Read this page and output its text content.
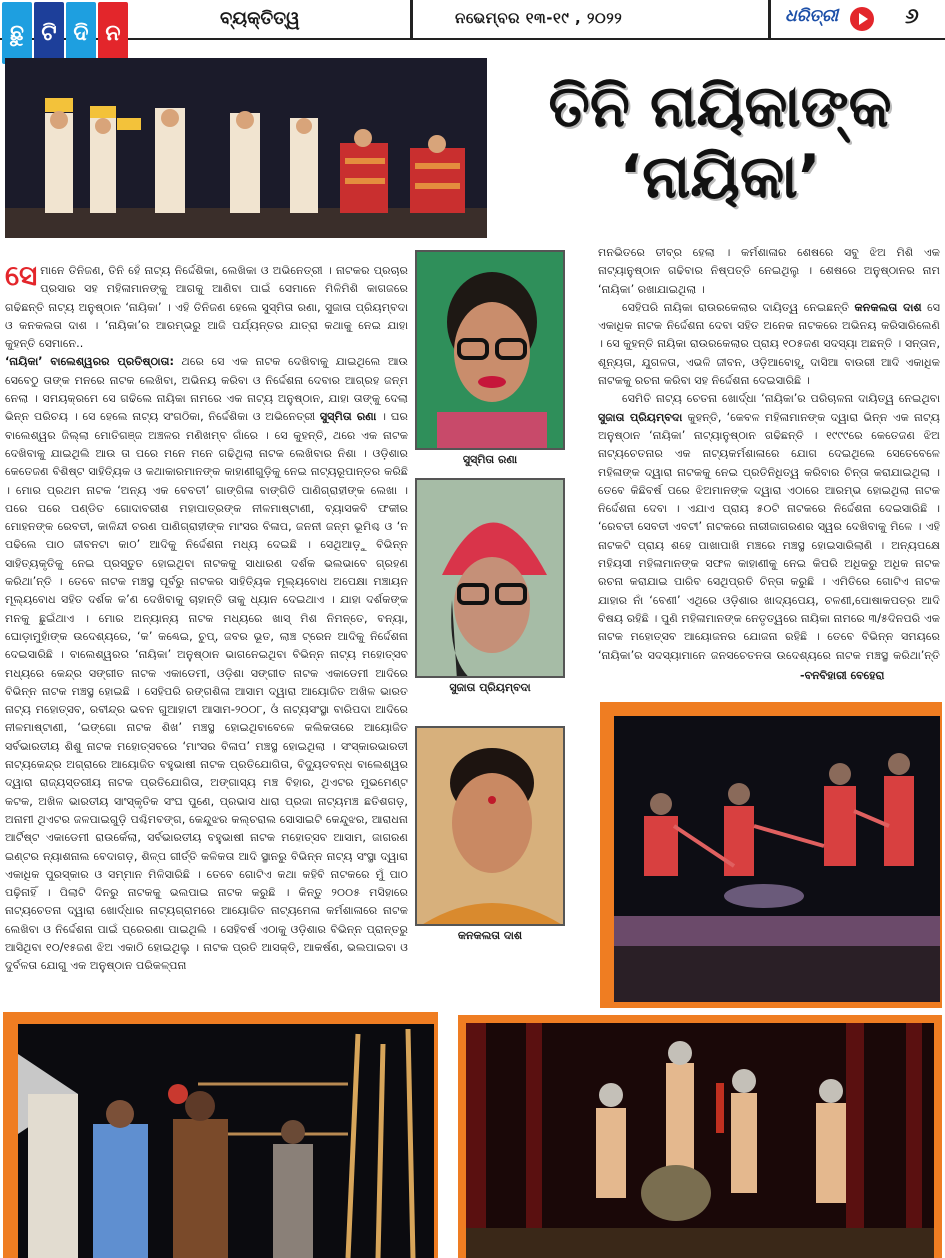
ଛୁ ଟି ଦି ନ
ବ୍ୟକ୍ତିତ୍ୱ	ନଭେମ୍ବର ୧୩-୧୯ , ୨୦୨୨	ଧରିତ୍ରୀ	୬
ତିନି ନାୟିକାଙ୍କ
‘ନାୟିକା’

ସେମାନେ ତିନିଜଣ, ତିନି ହେଁ ନାଟ୍ୟ ନିର୍ଦ୍ଦେଶିକା, ଲେଖିକା ଓ ଅଭିନେତ୍ରୀ । ନାଟକର ପ୍ରଚାର ପ୍ରସାର ସହ ମହିଳାମାନଙ୍କୁ ଆଗକୁ ଆଣିବା ପାଇଁ ସେମାନେ ମିଳିମିଶି କାଗଜରେ ଗଢିଛନ୍ତି ନାଟ୍ୟ ଅନୁଷ୍ଠାନ ‘ନାୟିକା’ । ଏହି ତିନିଜଣ ହେଲେ ସୁସ୍ମିତା ରଣା, ସୁଜାତା ପ୍ରିୟମ୍ବଦା ଓ କନକଲତା ଦାଶ । ‘ନାୟିକା’ର ଆରମ୍ଭରୁ ଆଜି ପର୍ଯ୍ୟନ୍ତର ଯାତ୍ରା କଥାକୁ ନେଇ ଯାହା କୁହନ୍ତି ସେମାନେ..

‘ନାୟିକା’ ବାଲେଶ୍ୱରର ପ୍ରତିଷ୍ଠାତା: ଥରେ ସେ ଏକ ନାଟକ ଦେଖିବାକୁ ଯାଇଥିଲେ ଆଉ ସେବେଠୁ ତାଙ୍କ ମନରେ ନାଟକ ଲେଖିବା, ଅଭିନୟ କରିବା ଓ ନିର୍ଦ୍ଦେଶନା ଦେବାର ଆଗ୍ରହ ଜନ୍ମ ନେଲା । ସମୟକ୍ରମେ ସେ ଗଢିଲେ ନାୟିକା ନାମରେ ଏକ ନାଟ୍ୟ ଅନୁଷ୍ଠାନ, ଯାହା ତାଙ୍କୁ ଦେଲା ଭିନ୍ନ ପରିଚୟ । ସେ ହେଲେ ନାଟ୍ୟ ସଂଗଠିକା, ନିର୍ଦ୍ଦେଶିକା ଓ ଅଭିନେତ୍ରୀ ସୁସ୍ମିତା ରଣା । ଘର ବାଲେଶ୍ୱର ଜିଲ୍ଲା ମୋତିଗଞ୍ଜ ଅଞ୍ଚଳର ମଣିଖମ୍ବ ଗାଁରେ । ସେ କୁହନ୍ତି, ଥରେ ଏକ ନାଟକ ଦେଖିବାକୁ ଯାଇଥିଲି ଆଉ ତା ପରେ ମନେ ମନେ ଗଢିଥିଲା ନାଟକ ଲେଖିବାର ନିଶା । ଓଡ଼ିଶାର କେତେଜଣ ବିଶିଷ୍ଟ ସାହିତ୍ୟିକ ଓ କଥାକାରମାନଙ୍କ କାହାଣୀଗୁଡ଼ିକୁ ନେଇ ନାଟ୍ୟରୂପାନ୍ତର କରିଛି । ମୋର ପ୍ରଥମ ନାଟକ ‘ଅନ୍ୟ ଏକ ବେବତୀ’ ଗାଙ୍ଗିଳା ବାଙ୍ଗିତି ପାଣିଗ୍ରାହୀଙ୍କ ଲେଖା । ପରେ ପରେ ପଣ୍ଡିତ ଗୋଦାବରୀଶ ମହାପାତ୍ରଙ୍କ ନୀଳମାଷ୍ଟାଣୀ, ବ୍ୟାସକବି ଫକୀର ମୋହନଙ୍କ ରେବତୀ, କାଳିନ୍ଦୀ ଚରଣ ପାଣିଗ୍ରାହୀଙ୍କ ମାଂସର ବିଳାପ, ଜନନୀ ଜନ୍ମ ଭୂମିଶ୍ଚ ଓ ‘ନ ପଢିଲେ ପାଠ ଜୀବନଟା କାଠ’ ଆଦିକୁ ନିର୍ଦ୍ଦେଶନା ମଧ୍ୟ ଦେଇଛି । ସେଥିଆଡ଼ୁ ବିଭିନ୍ନ ସାହିତ୍ୟକୃତିକୁ ନେଇ ପ୍ରସ୍ତୁତ ହୋଇଥିବା ନାଟକକୁ ସାଧାରଣ ଦର୍ଶକ ଭଲଭାବେ ଗ୍ରହଣ କରିଥା’ନ୍ତି । ତେବେ ନାଟକ ମଞ୍ଚସ୍ଥ ପୂର୍ବରୁ ନାଟକର ସାହିତ୍ୟିକ ମୂଲ୍ୟବୋଧ ଅପେକ୍ଷା ମଞ୍ଚାୟନ ମୂଲ୍ୟବୋଧ ସହିତ ଦର୍ଶକ କ’ଣ ଦେଖିବାକୁ ଚାହାନ୍ତି ତାକୁ ଧ୍ୟାନ ଦେଇଥାଏ । ଯାହା ଦର୍ଶକଙ୍କ ମନକୁ ଛୁଇଁଥାଏ । ମୋର ଅନ୍ୟାନ୍ୟ ନାଟକ ମଧ୍ୟରେ ଖାସ୍ ମିଶ ନିମନ୍ତେ, ବନ୍ୟା, ଘୋଡ଼ାମୁହାଁଙ୍କ ଉଦେଶ୍ୟରେ, ‘କ’ କଣ୍ଢେଇ, ଚୁପ୍, ଜବର ଭୂତ, ଲାଞ୍ଚ ଟ୍ରେନ ଆଦିକୁ ନିର୍ଦ୍ଦେଶନା ଦେଇସାରିଛି । ବାଲେଶ୍ୱରର ‘ନାୟିକା’ ଅନୁଷ୍ଠାନ ଭାଗନେଇଥିବା ବିଭିନ୍ନ ନାଟ୍ୟ ମହୋତ୍ସବ ମଧ୍ୟରେ କେନ୍ଦ୍ର ସଙ୍ଗୀତ ନାଟକ ଏକାଡେମୀ, ଓଡ଼ିଶା ସଙ୍ଗୀତ ନାଟକ ଏକାଡେମୀ ଆଦିରେ ବିଭିନ୍ନ ନାଟକ ମଞ୍ଚସ୍ଥ ହୋଇଛି । ସେହିପରି ରଙ୍ଗଶିଳା ଆସାମ ଦ୍ୱାରା ଆୟୋଜିତ ଅଖିଳ ଭାରତ ନାଟ୍ୟ ମହୋତ୍ସବ, ରବୀନ୍ଦ୍ର ଭବନ ଗୁଆହାଟୀ ଆସାମ-୨୦୦୮, ଓଁ ନାଟ୍ୟସଂସ୍ଥା ବାରିପଦା ଆଦିରେ ନୀଳମାଷ୍ଟାଣୀ, ‘ଇଙ୍ଗୋ ନାଟକ ଶିଖ’ ମଞ୍ଚସ୍ଥ ହୋଇଥିବାବେଳେ କଲିକତାରେ ଆୟୋଜିତ ସର୍ବଭାରତୀୟ ଶିଶୁ ନାଟକ ମହୋତ୍ସବରେ ‘ମାଂସର ବିଳାପ’ ମଞ୍ଚସ୍ଥ ହୋଇଥିଲା । ସଂସ୍କାରଭାରତୀ ନାଟ୍ୟକେନ୍ଦ୍ର ଅଗ୍ରାରେ ଆୟୋଜିତ ବହୁଭାଷୀ ନାଟକ ପ୍ରତିଯୋଗିତା, ବିଦ୍ୟୁତବନ୍ଧ ବାଲେଶ୍ୱର ଦ୍ୱାରା ରାଜ୍ୟସ୍ତରୀୟ ନାଟକ ପ୍ରତିଯୋଗିତା, ଅଙ୍ଗାସ୍ୟ ମଞ୍ଚ ବିହାର, ଥିଏଟର ମୁଭମେଣ୍ଟ କଟକ, ଅଖିଳ ଭାରତୀୟ ସାଂସ୍କୃତିକ ସଂଘ ପୁଣେ, ପ୍ରଭାସ ଧାରା ପ୍ରଜା ନାଟ୍ୟମଞ୍ଚ ଛତିଶଗଡ଼, ଅନାମୀ ଥିଏଟର ଜଳପାଇଗୁଡ଼ି ପଶ୍ଚିମବଙ୍ଗ, କେନ୍ଦୁଝର କଲ୍ଚରାଲ ସୋସାଇଟି କେନ୍ଦୁଝର, ଆରାଧନା ଆର୍ଟିଷ୍ଟ ଏକାଡେମୀ ରାଉର୍କେଲା, ସର୍ବଭାରତୀୟ ବହୁଭାଷୀ ନାଟକ ମହୋତ୍ସବ ଆସାମ, ଜାଗରଣ ଇଣ୍ଟର ନ୍ୟାଶନାଲ ବେଦାଗଡ଼, ଶିଳ୍ପ ଗୀର୍ତ୍ତି କଳିକତା ଆଦି ସ୍ଥାନରୁ ବିଭିନ୍ନ ନାଟ୍ୟ ସଂସ୍ଥା ଦ୍ୱାରା ଏକାଧିକ ପୁରସ୍କାର ଓ ସମ୍ମାନ ମିଳିସାରିଛି । ତେବେ ଗୋଟିଏ କଥା କହିବି ନାଟକରେ ମୁଁ ପାଠ ପଢ଼ିନାହିଁ । ପିଲାଟି ଦିନରୁ ନାଟକକୁ ଭଲପାଇ ନାଟକ କରୁଛି । କିନ୍ତୁ ୨୦୦୫ ମସିହାରେ ନାଟ୍ୟଚେତନା ଦ୍ୱାରା ଖୋର୍ଦ୍ଧାର ନାଟ୍ୟଗ୍ରାମରେ ଆୟୋଜିତ ନାଟ୍ୟମେଳା କର୍ମଶାଳାରେ ନାଟକ ଲେଖିବା ଓ ନିର୍ଦ୍ଦେଶନା ପାଇଁ ପ୍ରେରଣା ପାଇଥିଲି । ସେହିବର୍ଷ ଏଠାକୁ ଓଡ଼ିଶାର ବିଭିନ୍ନ ପ୍ରାନ୍ତରୁ ଆସିଥିବା ୧୦/୧୫ଜଣ ଝିଅ ଏକାଠି ହୋଇଥିଲୁ । ନାଟକ ପ୍ରତି ଆସକ୍ତି, ଆକର୍ଷଣ, ଭଲପାଇବା ଓ ଦୁର୍ବଳତା ଯୋଗୁ ଏକ ଅନୁଷ୍ଠାନ ପରିକଳ୍ପନା

ସୁସ୍ମିତା ରଣା
ସୁଜାତା ପ୍ରିୟମ୍ବଦା
କନକଲତା ଦାଶ

ମନଭିତରେ ତୀବ୍ର ହେଲା । କର୍ମଶାଳାର ଶେଷରେ ସବୁ ଝିଅ ମିଶି ଏକ ନାଟ୍ୟାନୁଷ୍ଠାନ ଗଢିବାର ନିଷ୍ପତ୍ତି ନେଇଥିଲୁ । ଶେଷରେ ଅନୁଷ୍ଠାନର ନାମ ‘ନାୟିକା’ ରଖାଯାଇଥିଲା ।

ସେହିପରି ନାୟିକା ରାଉରକେଲାର ଦାୟିତ୍ୱ ନେଇଛନ୍ତି କନକଲତା ଦାଶ ସେ ଏକାଧିକ ନାଟକ ନିର୍ଦ୍ଦେଶନା ଦେବା ସହିତ ଅନେକ ନାଟକରେ ଅଭିନୟ କରିସାରିଲେଣି । ସେ କୁହନ୍ତି ନାୟିକା ରାଉରକେଲାର ପ୍ରାୟ ୧୦୫ଜଣ ସଦସ୍ୟା ଅଛନ୍ତି । ସନ୍ତାନ, ଶୂନ୍ୟତା, ଯୁଗଳତା, ଏଭଳି ଜୀବନ, ଓଡ଼ିଆବୋହୂ, ଦାସିଆ ବାଉରୀ ଆଦି ଏକାଧିକ ନାଟକକୁ ରଚନା କରିବା ସହ ନିର୍ଦ୍ଦେଶନା ଦେଇସାରିଛି ।

ସେମିତି ନାଟ୍ୟ ଚେତନା ଖୋର୍ଦ୍ଧା ‘ନାୟିକା’ର ପରିଚାଳନା ଦାୟିତ୍ୱ ନେଇଥିବା ସୁଜାତା ପ୍ରିୟମ୍ବଦା କୁହନ୍ତି, ‘କେବଳ ମହିଳାମାନଙ୍କ ଦ୍ୱାରା ଭିନ୍ନ ଏକ ନାଟ୍ୟ ଅନୁଷ୍ଠାନ ‘ନାୟିକା’ ନାଟ୍ୟାନୁଷ୍ଠାନ ଗଢିଛନ୍ତି । ୧୯୯୯ରେ କେତେଜଣ ଝିଅ ନାଟ୍ୟଚେତନାର ଏକ ନାଟ୍ୟକର୍ମଶାଳାରେ ଯୋଗ ଦେଇଥିଲେ ସେତେବେଳେ ମହିଳାଙ୍କ ଦ୍ୱାରା ନାଟକକୁ ନେଇ ପ୍ରତିନିଧିତ୍ୱ କରିବାର ଚିନ୍ତା କରାଯାଇଥିଲା । ତେବେ କିଛିବର୍ଷ ପରେ ଝିଅମାନଙ୍କ ଦ୍ୱାରା ଏଠାରେ ଆରମ୍ଭ ହୋଇଥିଲା ନାଟକ ନିର୍ଦ୍ଦେଶନା ଦେବା । ଏଯାଏ ପ୍ରାୟ ୫୦ଟି ନାଟକରେ ନିର୍ଦ୍ଦେଶନା ଦେଇସାରିଛି । ‘ରେବତୀ ସେବତୀ ଏବଟୀ’ ନାଟକରେ ନାରୀଜାଗରଣର ସ୍ୱର ଦେଖିବାକୁ ମିଳେ । ଏହି ନାଟକଟି ପ୍ରାୟ ଶହେ ପାଖାପାଖି ମଞ୍ଚରେ ମଞ୍ଚସ୍ଥ ହୋଇସାରିଲାଣି । ଅନ୍ୟପକ୍ଷେ ମହିୟସୀ ମହିଳାମାନଙ୍କ ସଫଳ କାହାଣୀକୁ ନେଇ କିପରି ଅଧିକରୁ ଅଧିକ ନାଟକ ରଚନା କରାଯାଇ ପାରିବ ସେଥିପ୍ରତି ଚିନ୍ତା କରୁଛି । ଏମିତିରେ ଗୋଟିଏ ନାଟକ ଯାହାର ନାଁ ‘ବେଣୀ’ ଏଥିରେ ଓଡ଼ିଶାର ଖାଦ୍ୟପେୟ, ଚଳଣୀ,ପୋଷାକପତ୍ର ଆଦି ବିଷୟ ରହିଛି । ପୁଣି ମହିଳାମାନଙ୍କ ନେତୃତ୍ୱରେ ନାୟିକା ନାମରେ ୩/୫ଦିନପରି ଏକ ନାଟକ ମହୋତ୍ସବ ଆୟୋଜନର ଯୋଜନା ରହିଛି । ତେବେ ବିଭିନ୍ନ ସମୟରେ ‘ନାୟିକା’ର ସଦସ୍ୟାମାନେ ଜନସଚେତନତା ଉଦେଶ୍ୟରେ ନାଟକ ମଞ୍ଚସ୍ଥ କରିଥା’ନ୍ତି

-ବନବିହାରୀ ବେହେରା
